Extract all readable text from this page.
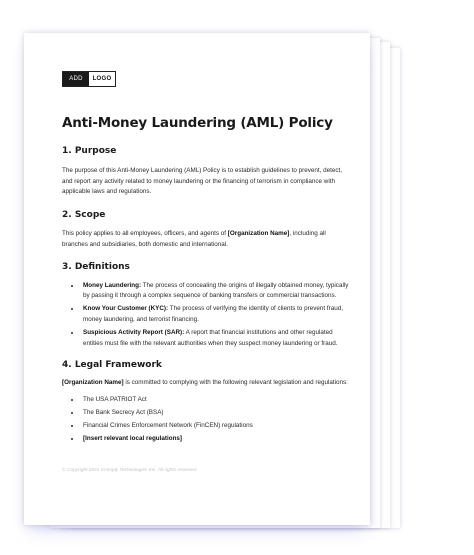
ADD	LOGO
Anti-Money Laundering (AML) Policy
1. Purpose

The purpose of this Anti-Money Laundering (AML) Policy is to establish guidelines to prevent, detect, and report any activity related to money laundering or the financing of terrorism in compliance with applicable laws and regulations.

2. Scope

This policy applies to all employees, officers, and agents of [Organization Name], including all branches and subsidiaries, both domestic and international.

3. Definitions
• Money Laundering: The process of concealing the origins of illegally obtained money, typically by passing it through a complex sequence of banking transfers or commercial transactions.
• Know Your Customer (KYC): The process of verifying the identity of clients to prevent fraud, money laundering, and terrorist financing.
• Suspicious Activity Report (SAR): A report that financial institutions and other regulated entities must file with the relevant authorities when they suspect money laundering or fraud.
4. Legal Framework

[Organization Name] is committed to complying with the following relevant legislation and regulations:

• The USA PATRIOT Act
• The Bank Secrecy Act (BSA)
• Financial Crimes Enforcement Network (FinCEN) regulations
• [Insert relevant local regulations]
© Copyright 2024 iComply Technologies Inc. All rights reserved.
